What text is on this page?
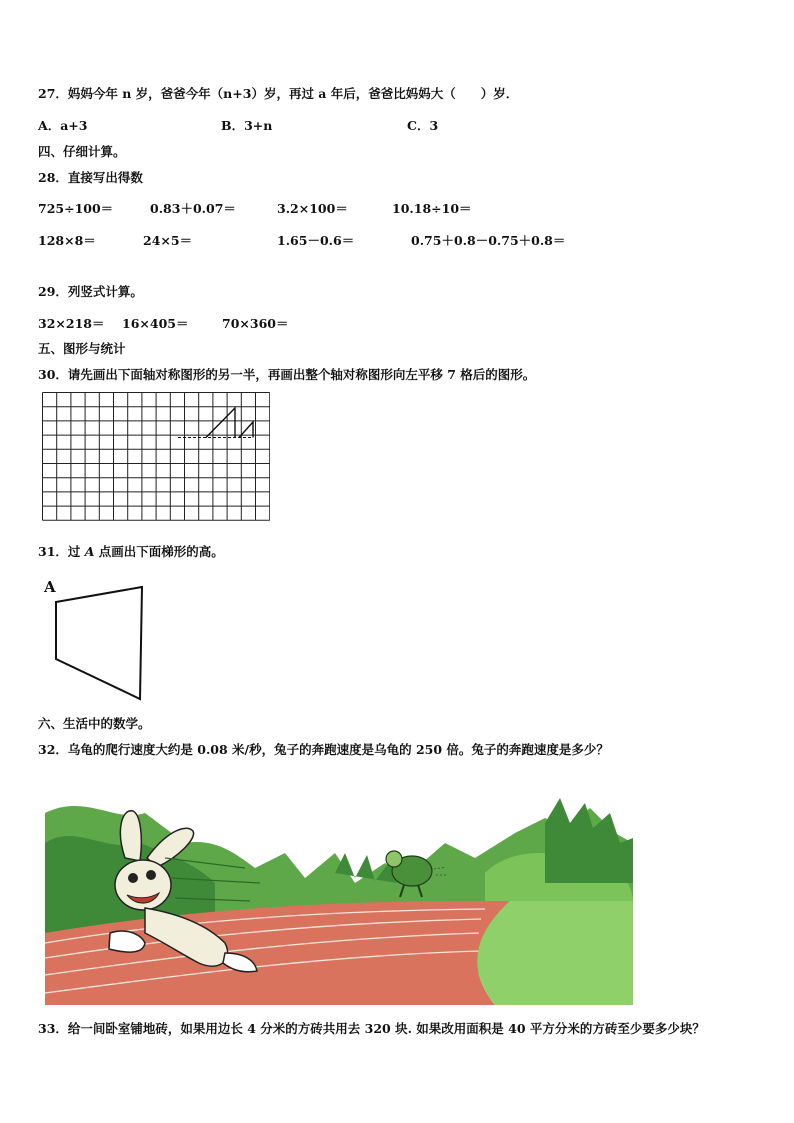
27．妈妈今年 n 岁，爸爸今年（n+3）岁，再过 a 年后，爸爸比妈妈大（　　）岁．
A．a+3	B．3+n	C．3
四、仔细计算。
28．直接写出得数
725÷100＝	0.83＋0.07＝	3.2×100＝	10.18÷10＝
128×8＝	24×5＝	1.65－0.6＝	0.75＋0.8－0.75＋0.8＝
29．列竖式计算。
32×218＝ 16×405＝	70×360＝
五、图形与统计
30．请先画出下面轴对称图形的另一半，再画出整个轴对称图形向左平移 7 格后的图形。
31．过 A 点画出下面梯形的高。
A
六、生活中的数学。
32．乌龟的爬行速度大约是 0.08 米/秒，兔子的奔跑速度是乌龟的 250 倍。兔子的奔跑速度是多少？
33．给一间卧室铺地砖，如果用边长 4 分米的方砖共用去 320 块. 如果改用面积是 40 平方分米的方砖至少要多少块？
